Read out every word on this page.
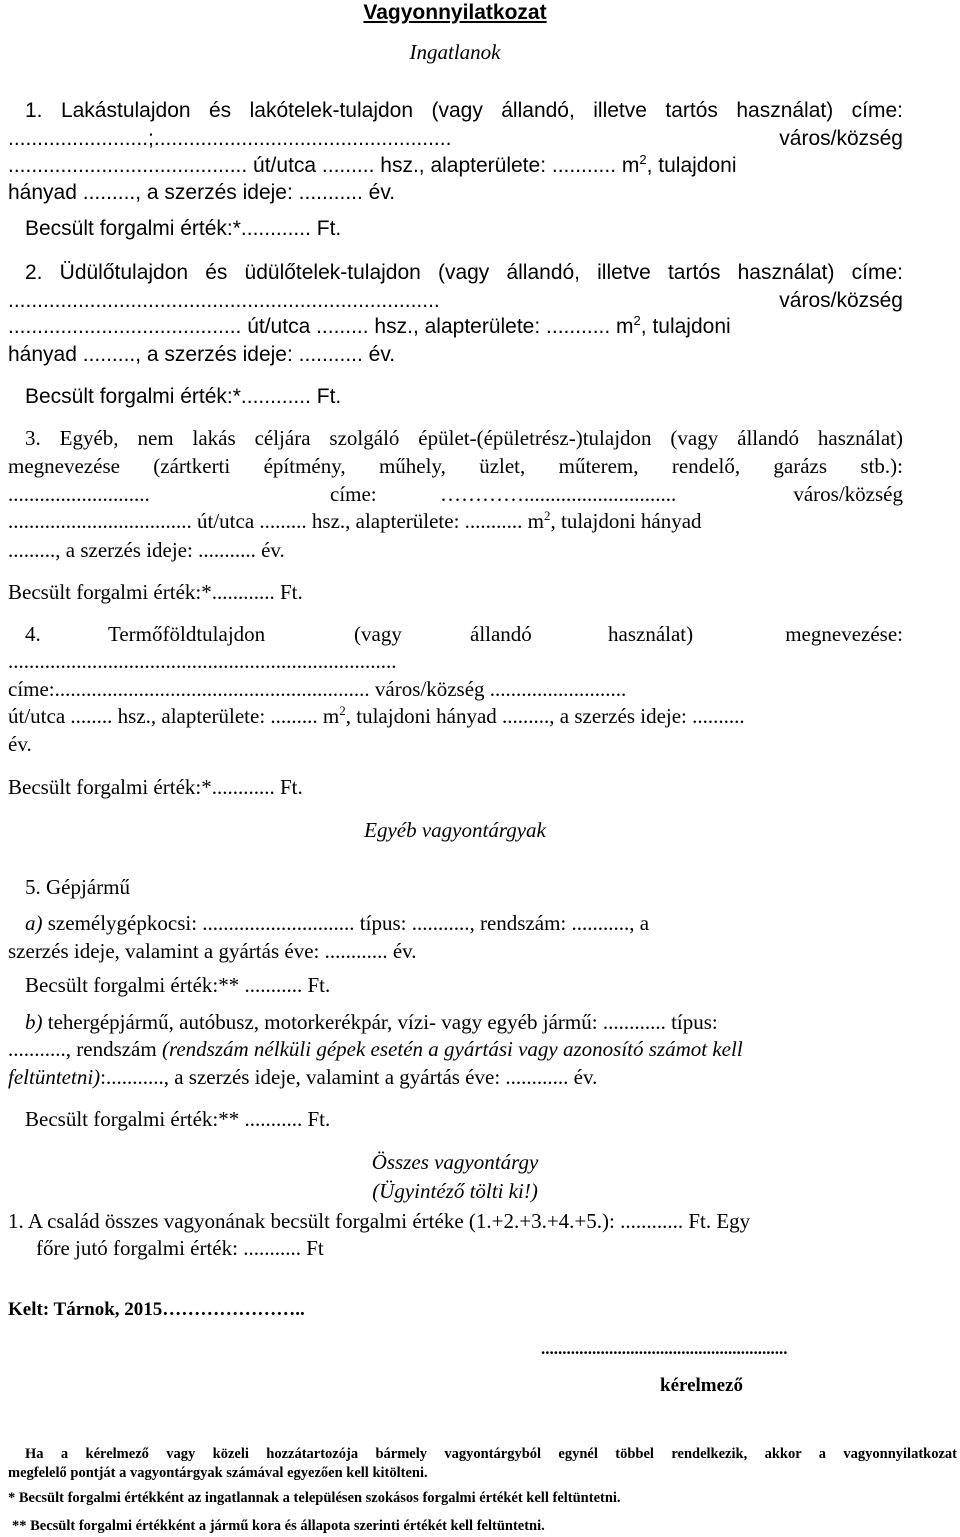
Vagyonnyilatkozat
Ingatlanok
1. Lakástulajdon és lakótelek-tulajdon (vagy állandó, illetve tartós használat) címe:
........................;...................................................	város/község
......................................... út/utca ......... hsz., alapterülete: ........... $m^2$, tulajdoni
hányad ........., a szerzés ideje: ........... év.
Becsült forgalmi érték:*............ Ft.
2. Üdülőtulajdon és üdülőtelek-tulajdon (vagy állandó, illetve tartós használat) címe:
..........................................................................	város/község
........................................ út/utca ......... hsz., alapterülete: ........... $m^2$, tulajdoni
hányad ........., a szerzés ideje: ........... év.
Becsült forgalmi érték:*............ Ft.
3. Egyéb, nem lakás céljára szolgáló épület-(épületrész-)tulajdon (vagy állandó használat)
megnevezése (zártkerti építmény, műhely, üzlet, műterem, rendelő, garázs stb.):
...........................	címe:	………….............................	város/község
................................... út/utca ......... hsz., alapterülete: ........... $m^2$, tulajdoni hányad
........., a szerzés ideje: ........... év.
Becsült forgalmi érték:*............ Ft.
4.	Termőföldtulajdon	(vagy	állandó	használat)	megnevezése:
..........................................................................
címe:............................................................ város/község ..........................
út/utca ........ hsz., alapterülete: ......... $m^2$, tulajdoni hányad ........., a szerzés ideje: ..........
év.
Becsült forgalmi érték:*............ Ft.
Egyéb vagyontárgyak
5. Gépjármű
a) személygépkocsi: ............................. típus: ..........., rendszám: ..........., a
szerzés ideje, valamint a gyártás éve: ............ év.
Becsült forgalmi érték:** ........... Ft.
b) tehergépjármű, autóbusz, motorkerékpár, vízi- vagy egyéb jármű: ............ típus:
..........., rendszám (rendszám nélküli gépek esetén a gyártási vagy azonosító számot kell
feltüntetni):..........., a szerzés ideje, valamint a gyártás éve: ............ év.
Becsült forgalmi érték:** ........... Ft.
Összes vagyontárgy
(Ügyintéző tölti ki!)
1. A család összes vagyonának becsült forgalmi értéke (1.+2.+3.+4.+5.): ............ Ft. Egy
főre jutó forgalmi érték: ........... Ft
Kelt: Tárnok, 2015…………………..
..........................................................
kérelmező
Ha a kérelmező vagy közeli hozzátartozója bármely vagyontárgyból egynél többel rendelkezik, akkor a vagyonnyilatkozat
megfelelő pontját a vagyontárgyak számával egyezően kell kitölteni.
* Becsült forgalmi értékként az ingatlannak a településen szokásos forgalmi értékét kell feltüntetni.
** Becsült forgalmi értékként a jármű kora és állapota szerinti értékét kell feltüntetni.
